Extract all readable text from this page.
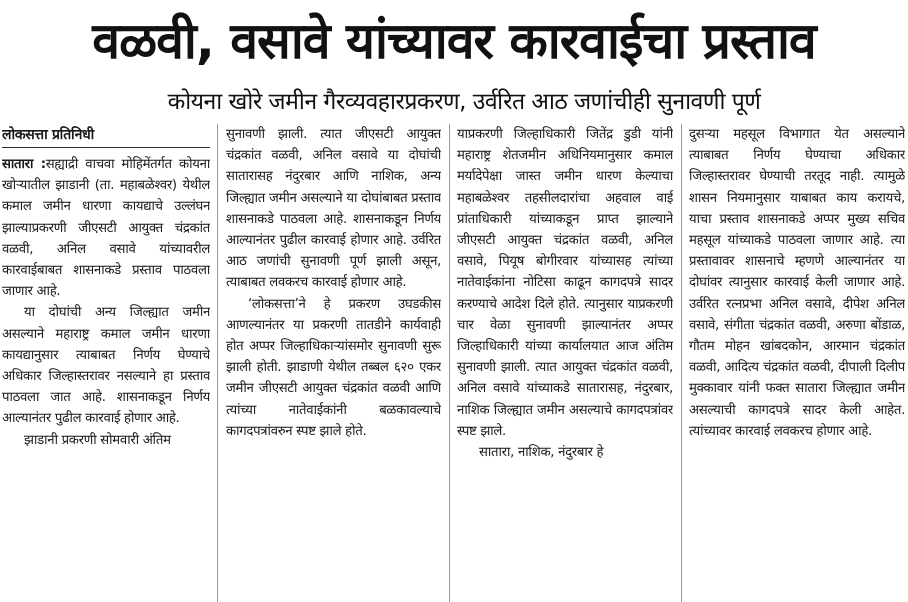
वळवी, वसावे यांच्यावर कारवाईचा प्रस्ताव
कोयना खोरे जमीन गैरव्यवहारप्रकरण, उर्वरित आठ जणांचीही सुनावणी पूर्ण
लोकसत्ता प्रतिनिधी

सातारा :सह्याद्री वाचवा मोहिमेंतर्गत कोयना खोऱ्यातील झाडानी (ता. महाबळेश्वर) येथील कमाल जमीन धारणा कायद्याचे उल्लंघन झाल्याप्रकरणी जीएसटी आयुक्त चंद्रकांत वळवी, अनिल वसावे यांच्यावरील कारवाईबाबत शासनाकडे प्रस्ताव पाठवला जाणार आहे.

या दोघांची अन्य जिल्ह्यात जमीन असल्याने महाराष्ट्र कमाल जमीन धारणा कायद्यानुसार त्याबाबत निर्णय घेण्याचे अधिकार जिल्हास्तरावर नसल्याने हा प्रस्ताव पाठवला जात आहे. शासनाकडून निर्णय आल्यानंतर पुढील कारवाई होणार आहे.

झाडानी प्रकरणी सोमवारी अंतिम

सुनावणी झाली. त्यात जीएसटी आयुक्त चंद्रकांत वळवी, अनिल वसावे या दोघांची सातारासह नंदुरबार आणि नाशिक, अन्य जिल्ह्यात जमीन असल्याने या दोघांबाबत प्रस्ताव शासनाकडे पाठवला आहे. शासनाकडून निर्णय आल्यानंतर पुढील कारवाई होणार आहे. उर्वरित आठ जणांची सुनावणी पूर्ण झाली असून, त्याबाबत लवकरच कारवाई होणार आहे.

‘लोकसत्ता’ने हे प्रकरण उघडकीस आणल्यानंतर या प्रकरणी तातडीने कार्यवाही होत अप्पर जिल्हाधिकाऱ्यांसमोर सुनावणी सुरू झाली होती. झाडाणी येथील तब्बल ६२० एकर जमीन जीएसटी आयुक्त चंद्रकांत वळवी आणि त्यांच्या नातेवाईकांनी बळकावल्याचे कागदपत्रांवरुन स्पष्ट झाले होते.

याप्रकरणी जिल्हाधिकारी जितेंद्र डुडी यांनी महाराष्ट्र शेतजमीन अधिनियमानुसार कमाल मर्यादेपेक्षा जास्त जमीन धारण केल्याचा महाबळेश्वर तहसीलदारांचा अहवाल वाई प्रांताधिकारी यांच्याकडून प्राप्त झाल्याने जीएसटी आयुक्त चंद्रकांत वळवी, अनिल वसावे, पियूष बोगीरवार यांच्यासह त्यांच्या नातेवाईकांना नोटिसा काढून कागदपत्रे सादर करण्याचे आदेश दिले होते. त्यानुसार याप्रकरणी चार वेळा सुनावणी झाल्यानंतर अप्पर जिल्हाधिकारी यांच्या कार्यालयात आज अंतिम सुनावणी झाली. त्यात आयुक्त चंद्रकांत वळवी, अनिल वसावे यांच्याकडे सातारासह, नंदुरबार, नाशिक जिल्ह्यात जमीन असल्याचे कागदपत्रांवर स्पष्ट झाले.

सातारा, नाशिक, नंदुरबार हे

दुसऱ्या महसूल विभागात येत असल्याने त्याबाबत निर्णय घेण्याचा अधिकार जिल्हास्तरावर घेण्याची तरतूद नाही. त्यामुळे शासन नियमानुसार याबाबत काय करायचे, याचा प्रस्ताव शासनाकडे अप्पर मुख्य सचिव महसूल यांच्याकडे पाठवला जाणार आहे. त्या प्रस्तावावर शासनाचे म्हणणे आल्यानंतर या दोघांवर त्यानुसार कारवाई केली जाणार आहे. उर्वरित रत्नप्रभा अनिल वसावे, दीपेश अनिल वसावे, संगीता चंद्रकांत वळवी, अरुणा बोंडाळ, गौतम मोहन खांबदकोन, आरमान चंद्रकांत वळवी, आदित्य चंद्रकांत वळवी, दीपाली दिलीप मुक्कावार यांनी फक्त सातारा जिल्ह्यात जमीन असल्याची कागदपत्रे सादर केली आहेत. त्यांच्यावर कारवाई लवकरच होणार आहे.
